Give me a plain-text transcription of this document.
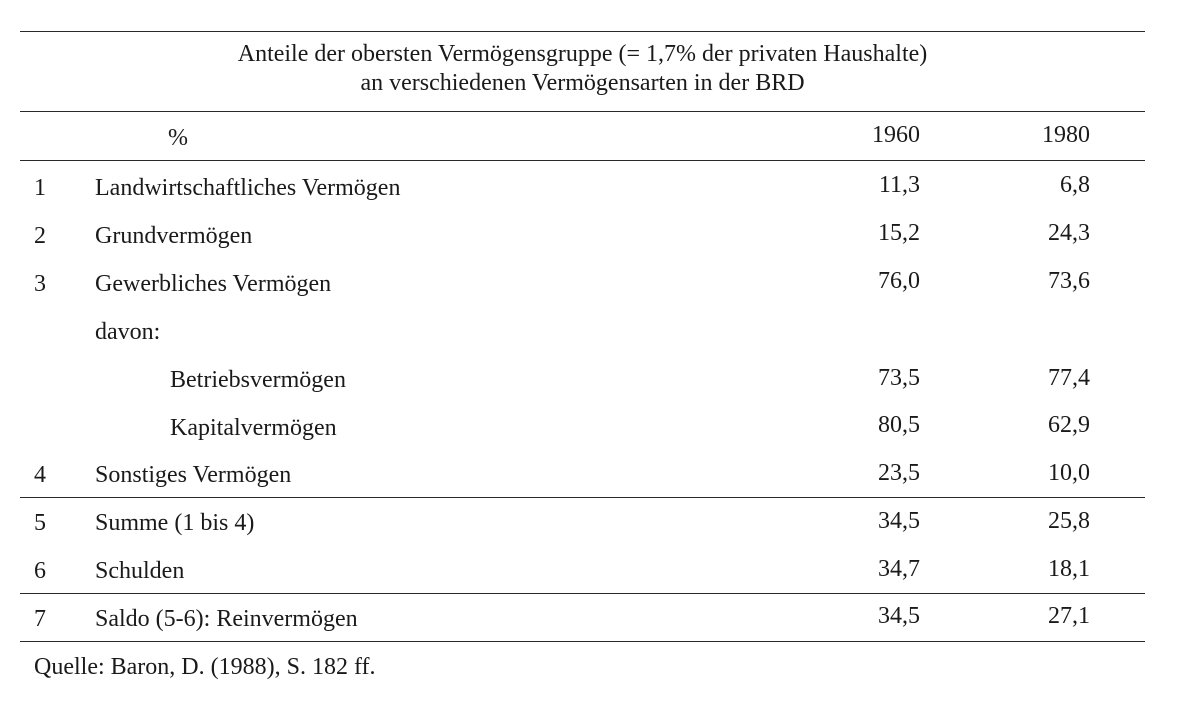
Anteile der obersten Vermögensgruppe (= 1,7% der privaten Haushalte)
an verschiedenen Vermögensarten in der BRD
%	1960	1980
1 Landwirtschaftliches Vermögen	11,3	6,8
2 Grundvermögen	15,2	24,3
3 Gewerbliches Vermögen	76,0	73,6
davon:
Betriebsvermögen	73,5	77,4
Kapitalvermögen	80,5	62,9
4 Sonstiges Vermögen	23,5	10,0
5 Summe (1 bis 4)	34,5	25,8
6 Schulden	34,7	18,1
7 Saldo (5-6): Reinvermögen	34,5	27,1
Quelle: Baron, D. (1988), S. 182 ff.
